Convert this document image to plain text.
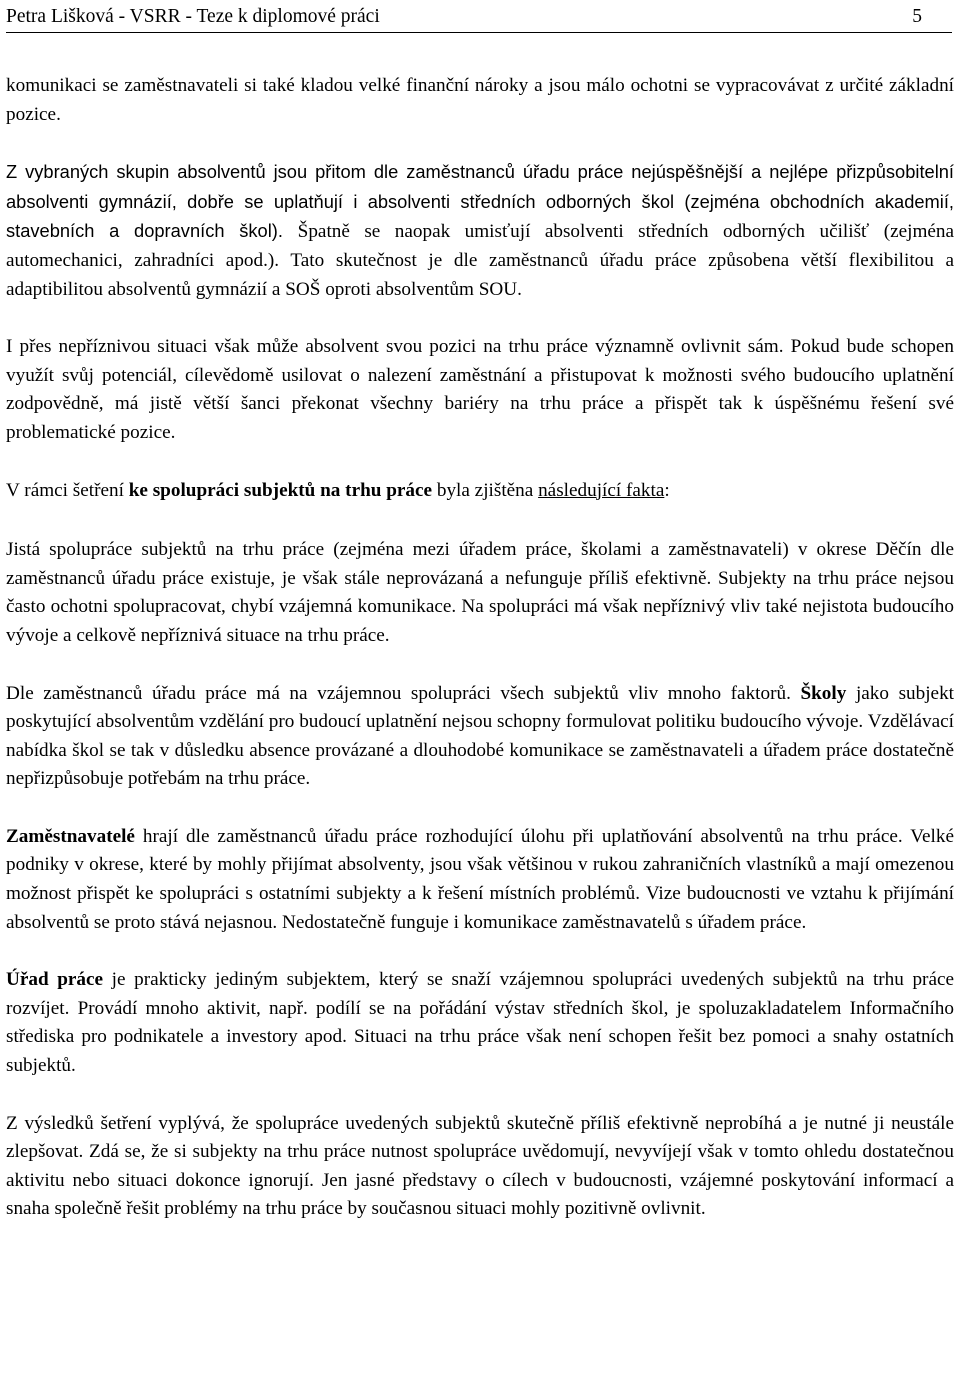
Petra Lišková - VSRR - Teze k diplomové práci	5

komunikaci se zaměstnavateli si také kladou velké finanční nároky a jsou málo ochotni se vypracovávat z určité základní pozice.

Z vybraných skupin absolventů jsou přitom dle zaměstnanců úřadu práce nejúspěšnější a nejlépe přizpůsobitelní absolventi gymnázií, dobře se uplatňují i absolventi středních odborných škol (zejména obchodních akademií, stavebních a dopravních škol). Špatně se naopak umisťují absolventi středních odborných učilišť (zejména automechanici, zahradníci apod.). Tato skutečnost je dle zaměstnanců úřadu práce způsobena větší flexibilitou a adaptibilitou absolventů gymnázií a SOŠ oproti absolventům SOU.

I přes nepříznivou situaci však může absolvent svou pozici na trhu práce významně ovlivnit sám. Pokud bude schopen využít svůj potenciál, cílevědomě usilovat o nalezení zaměstnání a přistupovat k možnosti svého budoucího uplatnění zodpovědně, má jistě větší šanci překonat všechny bariéry na trhu práce a přispět tak k úspěšnému řešení své problematické pozice.

V rámci šetření ke spolupráci subjektů na trhu práce byla zjištěna následující fakta:

Jistá spolupráce subjektů na trhu práce (zejména mezi úřadem práce, školami a zaměstnavateli) v okrese Děčín dle zaměstnanců úřadu práce existuje, je však stále neprovázaná a nefunguje příliš efektivně. Subjekty na trhu práce nejsou často ochotni spolupracovat, chybí vzájemná komunikace. Na spolupráci má však nepříznivý vliv také nejistota budoucího vývoje a celkově nepříznivá situace na trhu práce.

Dle zaměstnanců úřadu práce má na vzájemnou spolupráci všech subjektů vliv mnoho faktorů. Školy jako subjekt poskytující absolventům vzdělání pro budoucí uplatnění nejsou schopny formulovat politiku budoucího vývoje. Vzdělávací nabídka škol se tak v důsledku absence provázané a dlouhodobé komunikace se zaměstnavateli a úřadem práce dostatečně nepřizpůsobuje potřebám na trhu práce.

Zaměstnavatelé hrají dle zaměstnanců úřadu práce rozhodující úlohu při uplatňování absolventů na trhu práce. Velké podniky v okrese, které by mohly přijímat absolventy, jsou však většinou v rukou zahraničních vlastníků a mají omezenou možnost přispět ke spolupráci s ostatními subjekty a k řešení místních problémů. Vize budoucnosti ve vztahu k přijímání absolventů se proto stává nejasnou. Nedostatečně funguje i komunikace zaměstnavatelů s úřadem práce.

Úřad práce je prakticky jediným subjektem, který se snaží vzájemnou spolupráci uvedených subjektů na trhu práce rozvíjet. Provádí mnoho aktivit, např. podílí se na pořádání výstav středních škol, je spoluzakladatelem Informačního střediska pro podnikatele a investory apod. Situaci na trhu práce však není schopen řešit bez pomoci a snahy ostatních subjektů.

Z výsledků šetření vyplývá, že spolupráce uvedených subjektů skutečně příliš efektivně neprobíhá a je nutné ji neustále zlepšovat. Zdá se, že si subjekty na trhu práce nutnost spolupráce uvědomují, nevyvíjejí však v tomto ohledu dostatečnou aktivitu nebo situaci dokonce ignorují. Jen jasné představy o cílech v budoucnosti, vzájemné poskytování informací a snaha společně řešit problémy na trhu práce by současnou situaci mohly pozitivně ovlivnit.
